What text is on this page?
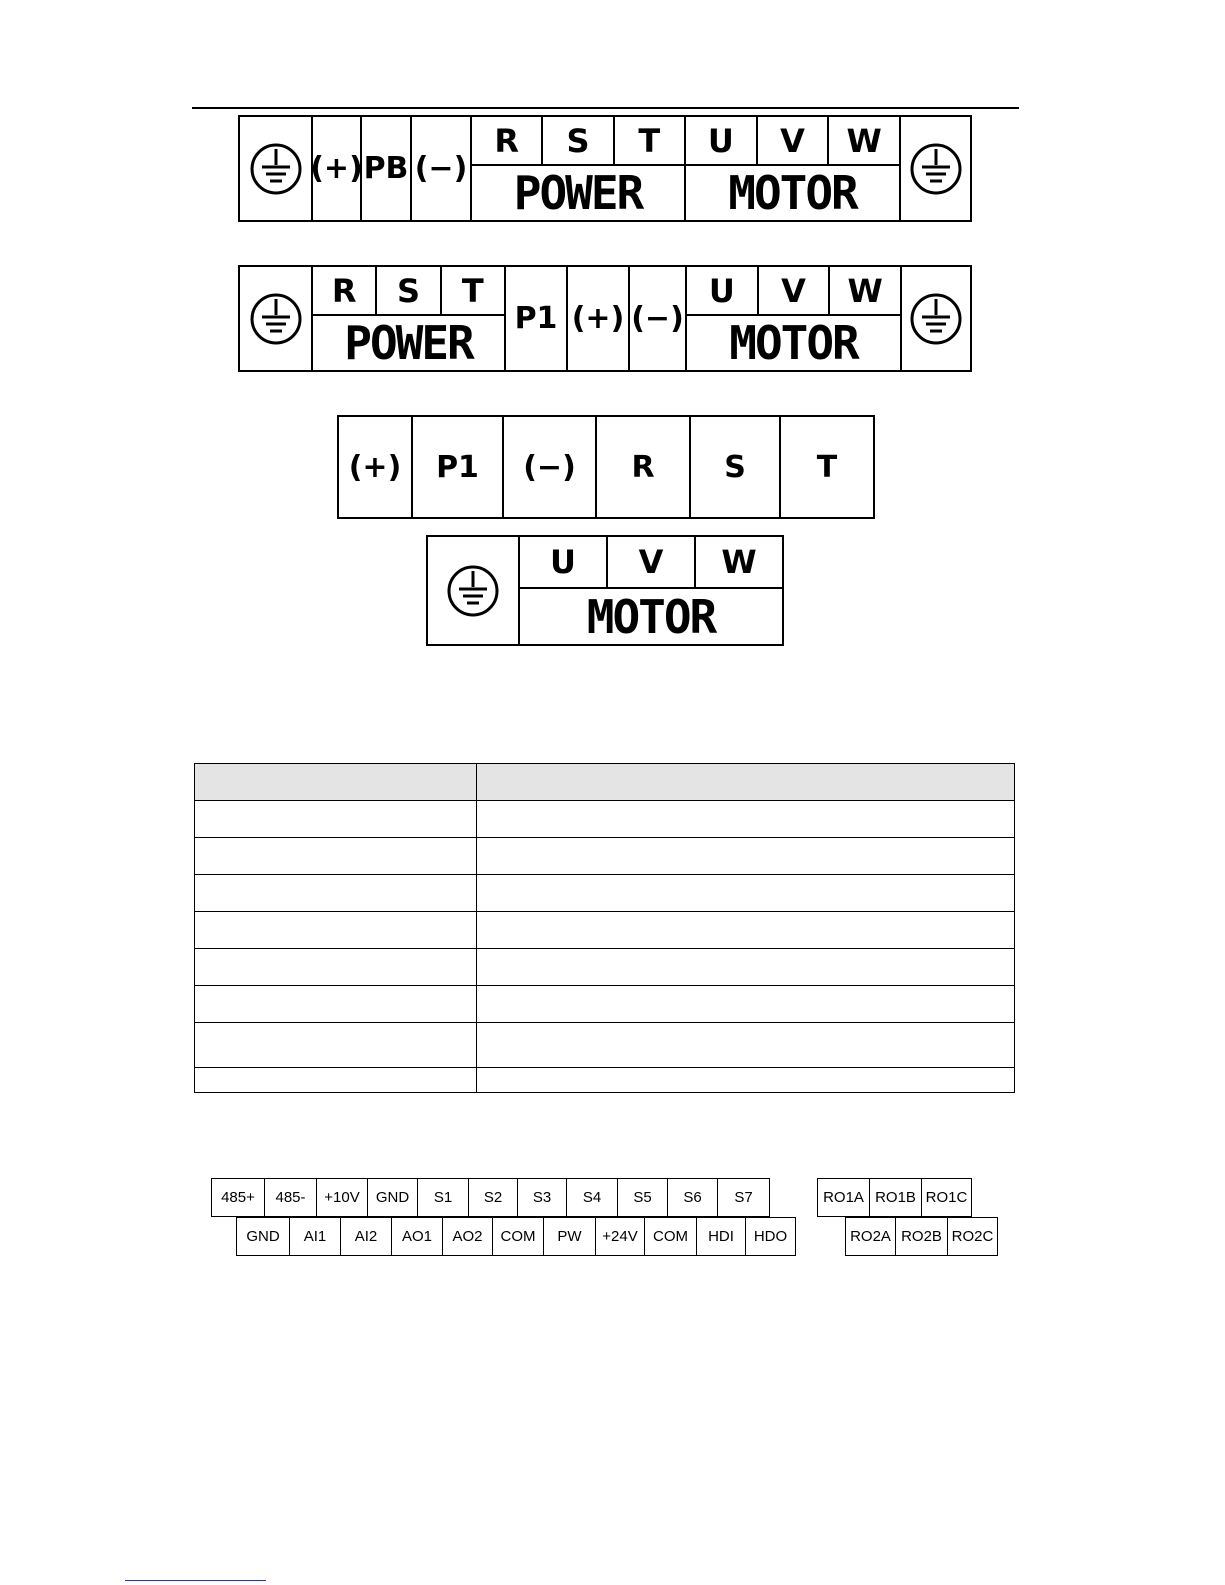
(+) PB (−)
R	S	T
POWER
U	V	W
MOTOR
R	S	T
POWER	P1 (+) (−)
U	V	W
MOTOR
(+)	P1	(−)	R	S	T
U	V	W
MOTOR

485+	485-	+10V	GND	S1	S2	S3	S4	S5	S6	S7
GND	AI1	AI2	AO1	AO2	COM	PW	+24V	COM	HDI	HDO
RO1A RO1B RO1C
RO2A RO2B RO2C
